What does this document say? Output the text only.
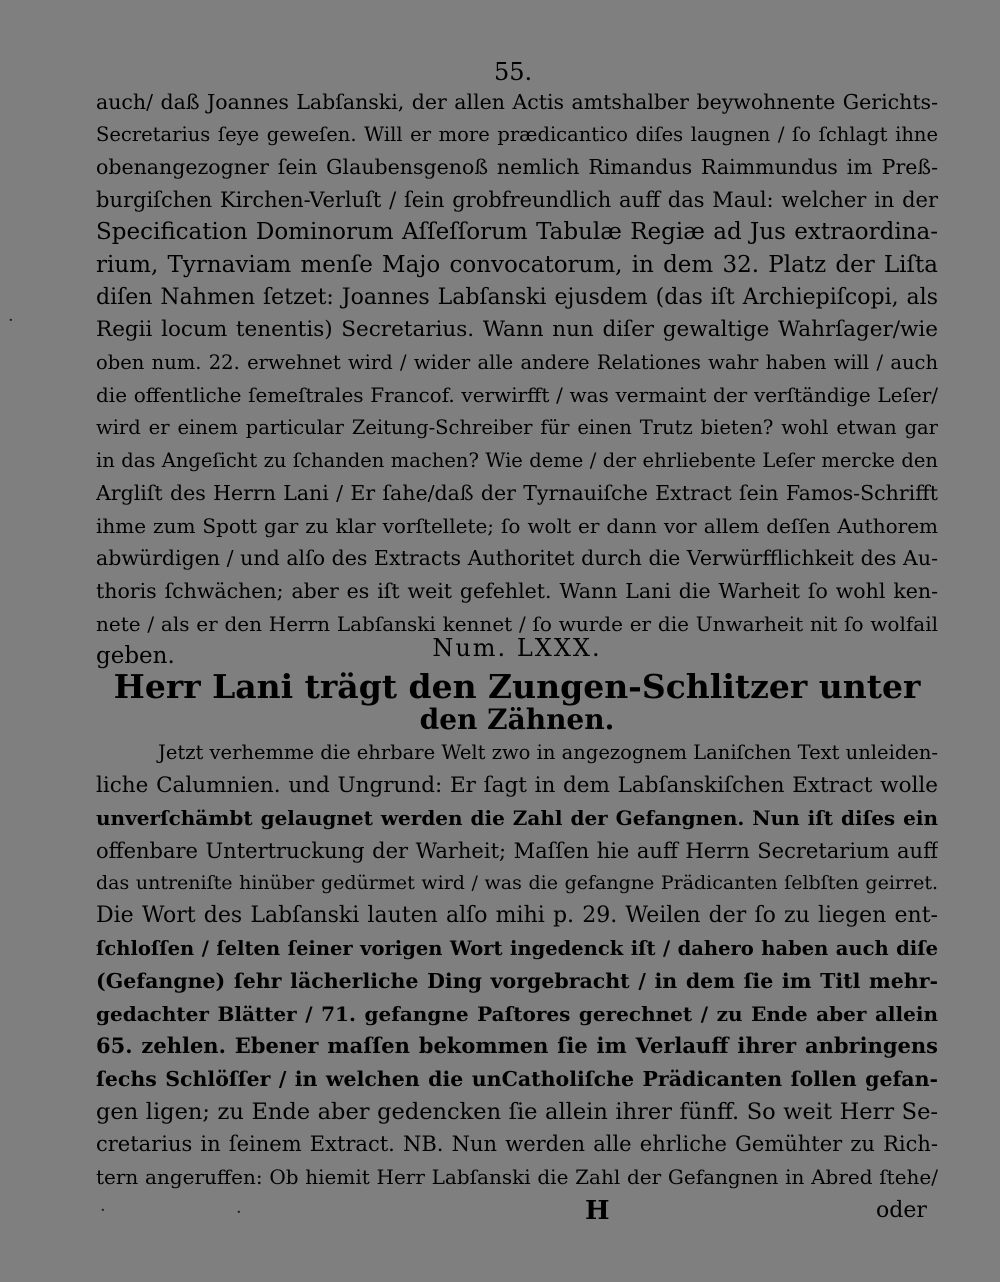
55.
auch/ daß Joannes Labſanski, der allen Actis amtshalber beywohnente Gerichts-
Secretarius ſeye geweſen. Will er more prædicantico diſes laugnen / ſo ſchlagt ihne
obenangezogner ſein Glaubensgenoß nemlich Rimandus Raimmundus im Preß-
burgiſchen Kirchen-Verluſt / ſein grobfreundlich auff das Maul: welcher in der
Specification Dominorum Aſſeſſorum Tabulæ Regiæ ad Jus extraordina-
rium, Tyrnaviam menſe Majo convocatorum, in dem 32. Platz der Liſta
diſen Nahmen ſetzet: Joannes Labſanski ejusdem (das iſt Archiepiſcopi, als
Regii locum tenentis) Secretarius. Wann nun diſer gewaltige Wahrſager/wie
oben num. 22. erwehnet wird / wider alle andere Relationes wahr haben will / auch
die offentliche ſemeſtrales Francof. verwirfft / was vermaint der verſtändige Leſer/
wird er einem particular Zeitung-Schreiber für einen Trutz bieten? wohl etwan gar
in das Angeſicht zu ſchanden machen? Wie deme / der ehrliebente Leſer mercke den
Argliſt des Herrn Lani / Er ſahe/daß der Tyrnauiſche Extract ſein Famos-Schrifft
ihme zum Spott gar zu klar vorſtellete; ſo wolt er dann vor allem deſſen Authorem
abwürdigen / und alſo des Extracts Authoritet durch die Verwürfflichkeit des Au-
thoris ſchwächen; aber es iſt weit gefehlet. Wann Lani die Warheit ſo wohl ken-
nete / als er den Herrn Labſanski kennet / ſo wurde er die Unwarheit nit ſo wolfail
geben.	Num. LXXX.
Herr Lani trägt den Zungen-Schlitzer unter
den Zähnen.
Jetzt verhemme die ehrbare Welt zwo in angezognem Laniſchen Text unleiden-
liche Calumnien. und Ungrund: Er ſagt in dem Labſanskiſchen Extract wolle
unverſchämbt gelaugnet werden die Zahl der Gefangnen. Nun iſt diſes ein
offenbare Untertruckung der Warheit; Maſſen hie auff Herrn Secretarium auff
das untreniſte hinüber gedürmet wird / was die gefangne Prädicanten ſelbſten geirret.
Die Wort des Labſanski lauten alſo mihi p. 29. Weilen der ſo zu liegen ent-
ſchloſſen / ſelten ſeiner vorigen Wort ingedenck iſt / dahero haben auch diſe
(Gefangne) ſehr lächerliche Ding vorgebracht / in dem ſie im Titl mehr-
gedachter Blätter / 71. gefangne Paſtores gerechnet / zu Ende aber allein
65. zehlen. Ebener maſſen bekommen ſie im Verlauff ihrer anbringens
ſechs Schlöſſer / in welchen die unCatholiſche Prädicanten ſollen gefan-
gen ligen; zu Ende aber gedencken ſie allein ihrer fünff. So weit Herr Se-
cretarius in ſeinem Extract. NB. Nun werden alle ehrliche Gemühter zu Rich-
tern angeruffen: Ob hiemit Herr Labſanski die Zahl der Gefangnen in Abred ſtehe/
H	oder
·
·	·
